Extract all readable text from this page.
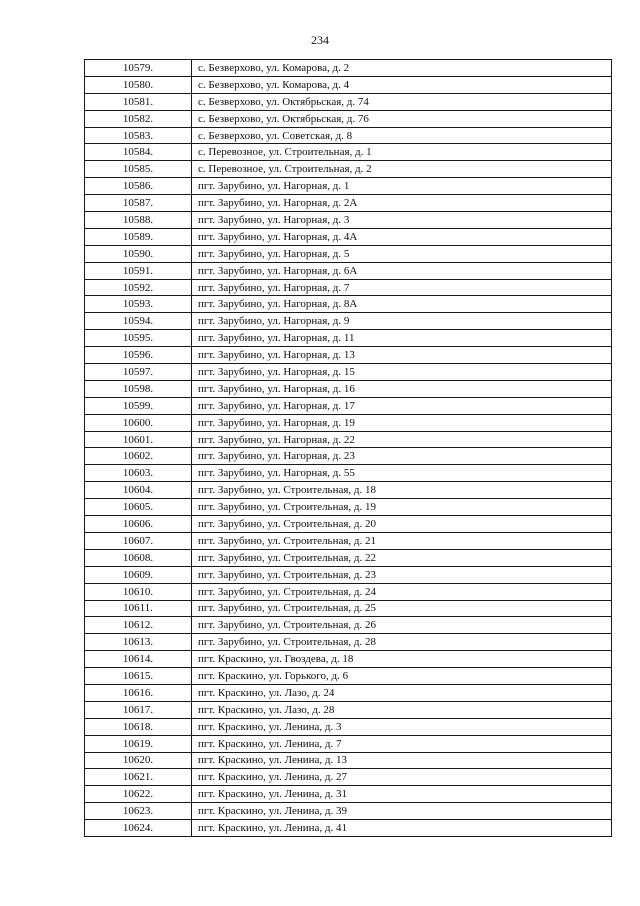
234
10579.	с. Безверхово, ул. Комарова, д. 2
10580.	с. Безверхово, ул. Комарова, д. 4
10581.	с. Безверхово, ул. Октябрьская, д. 74
10582.	с. Безверхово, ул. Октябрьская, д. 76
10583.	с. Безверхово, ул. Советская, д. 8
10584.	с. Перевозное, ул. Строительная, д. 1
10585.	с. Перевозное, ул. Строительная, д. 2
10586.	пгт. Зарубино, ул. Нагорная, д. 1
10587.	пгт. Зарубино, ул. Нагорная, д. 2А
10588.	пгт. Зарубино, ул. Нагорная, д. 3
10589.	пгт. Зарубино, ул. Нагорная, д. 4А
10590.	пгт. Зарубино, ул. Нагорная, д. 5
10591.	пгт. Зарубино, ул. Нагорная, д. 6А
10592.	пгт. Зарубино, ул. Нагорная, д. 7
10593.	пгт. Зарубино, ул. Нагорная, д. 8А
10594.	пгт. Зарубино, ул. Нагорная, д. 9
10595.	пгт. Зарубино, ул. Нагорная, д. 11
10596.	пгт. Зарубино, ул. Нагорная, д. 13
10597.	пгт. Зарубино, ул. Нагорная, д. 15
10598.	пгт. Зарубино, ул. Нагорная, д. 16
10599.	пгт. Зарубино, ул. Нагорная, д. 17
10600.	пгт. Зарубино, ул. Нагорная, д. 19
10601.	пгт. Зарубино, ул. Нагорная, д. 22
10602.	пгт. Зарубино, ул. Нагорная, д. 23
10603.	пгт. Зарубино, ул. Нагорная, д. 55
10604.	пгт. Зарубино, ул. Строительная, д. 18
10605.	пгт. Зарубино, ул. Строительная, д. 19
10606.	пгт. Зарубино, ул. Строительная, д. 20
10607.	пгт. Зарубино, ул. Строительная, д. 21
10608.	пгт. Зарубино, ул. Строительная, д. 22
10609.	пгт. Зарубино, ул. Строительная, д. 23
10610.	пгт. Зарубино, ул. Строительная, д. 24
10611.	пгт. Зарубино, ул. Строительная, д. 25
10612.	пгт. Зарубино, ул. Строительная, д. 26
10613.	пгт. Зарубино, ул. Строительная, д. 28
10614.	пгт. Краскино, ул. Гвоздева, д. 18
10615.	пгт. Краскино, ул. Горького, д. 6
10616.	пгт. Краскино, ул. Лазо, д. 24
10617.	пгт. Краскино, ул. Лазо, д. 28
10618.	пгт. Краскино, ул. Ленина, д. 3
10619.	пгт. Краскино, ул. Ленина, д. 7
10620.	пгт. Краскино, ул. Ленина, д. 13
10621.	пгт. Краскино, ул. Ленина, д. 27
10622.	пгт. Краскино, ул. Ленина, д. 31
10623.	пгт. Краскино, ул. Ленина, д. 39
10624.	пгт. Краскино, ул. Ленина, д. 41
